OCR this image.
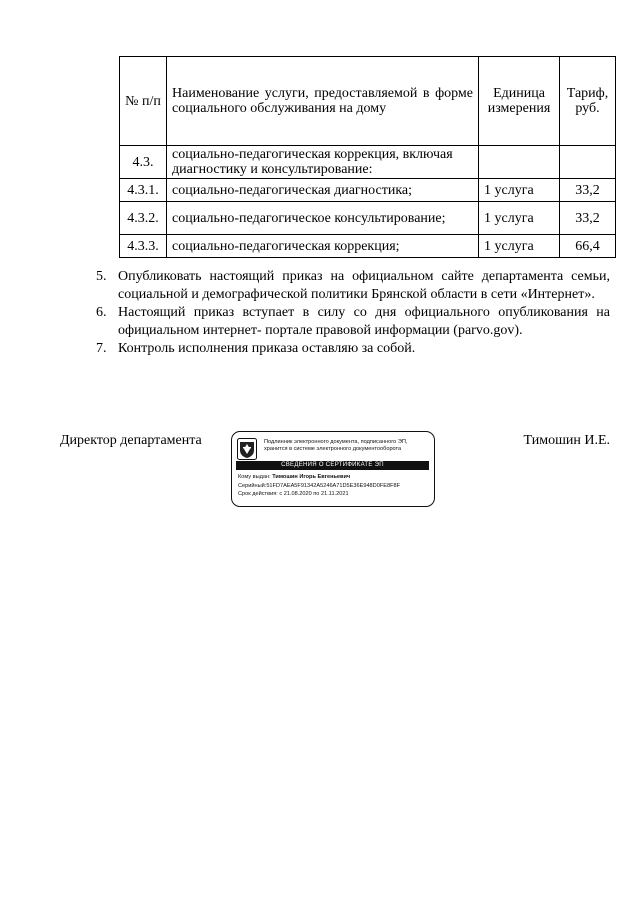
№ п/п	Наименование услуги, предоставляемой в форме социального обслуживания на дому	Единица измерения	Тариф, руб.
4.3.	социально-педагогическая коррекция, включая диагностику и консультирование:		
4.3.1.	социально-педагогическая диагностика;	1 услуга	33,2
4.3.2.	социально-педагогическое консультирование;	1 услуга	33,2
4.3.3.	социально-педагогическая коррекция;	1 услуга	66,4
5. Опубликовать настоящий приказ на официальном сайте департамента семьи, социальной и демографической политики Брянской области в сети «Интернет».
6. Настоящий приказ вступает в силу со дня официального опубликования на официальном интернет- портале правовой информации (parvo.gov).
7. Контроль исполнения приказа оставляю за собой.
Директор департамента	Тимошин И.Е.
Подлинник электронного документа, подписанного ЭП, хранится в системе электронного документооборота
СВЕДЕНИЯ О СЕРТИФИКАТЕ ЭП
Кому выдан: Тимошин Игорь Евгеньевич
Серийный:51FD7AEA5F91342A5246A71D5E36E948D0FE8F8F
Срок действия: с 21.08.2020 по 21.11.2021
